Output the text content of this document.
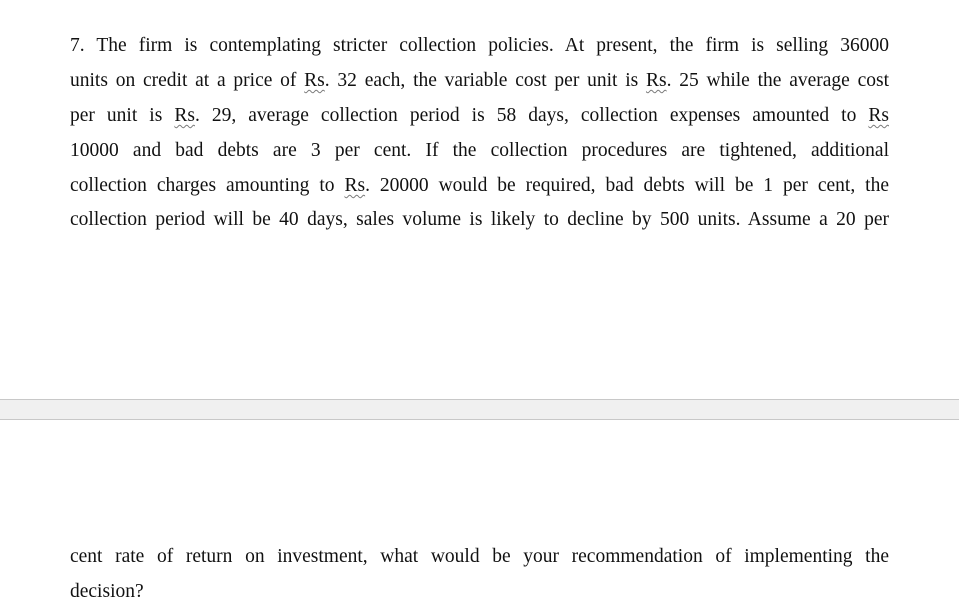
7. The firm is contemplating stricter collection policies. At present, the firm is selling 36000
units on credit at a price of Rs. 32 each, the variable cost per unit is Rs. 25 while the average cost
per unit is Rs. 29, average collection period is 58 days, collection expenses amounted to Rs
10000 and bad debts are 3 per cent. If the collection procedures are tightened, additional
collection charges amounting to Rs. 20000 would be required, bad debts will be 1 per cent, the
collection period will be 40 days, sales volume is likely to decline by 500 units. Assume a 20 per
cent rate of return on investment, what would be your recommendation of implementing the
decision?
